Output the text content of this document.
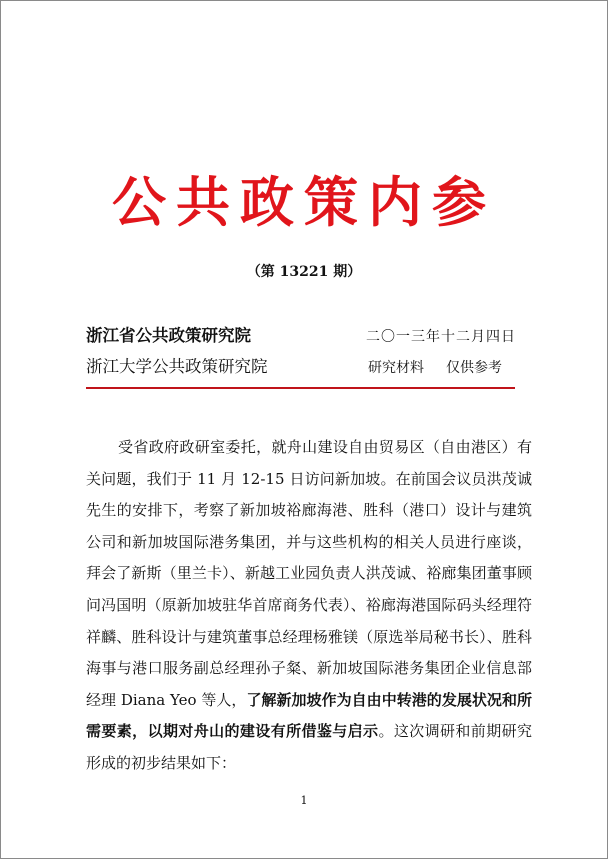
公共政策内参
（第 13221 期）
浙江省公共政策研究院	二〇一三年十二月四日
浙江大学公共政策研究院	研究材料 仅供参考

受省政府政研室委托，就舟山建设自由贸易区（自由港区）有关问题，我们于 11 月 12-15 日访问新加坡。在前国会议员洪茂诚先生的安排下，考察了新加坡裕廊海港、胜科（港口）设计与建筑公司和新加坡国际港务集团，并与这些机构的相关人员进行座谈，拜会了新斯（里兰卡）、新越工业园负责人洪茂诚、裕廊集团董事顾问冯国明（原新加坡驻华首席商务代表）、裕廊海港国际码头经理符祥麟、胜科设计与建筑董事总经理杨雅镁（原选举局秘书长）、胜科海事与港口服务副总经理孙子粲、新加坡国际港务集团企业信息部经理 Diana Yeo 等人，了解新加坡作为自由中转港的发展状况和所需要素，以期对舟山的建设有所借鉴与启示。这次调研和前期研究形成的初步结果如下：

1
